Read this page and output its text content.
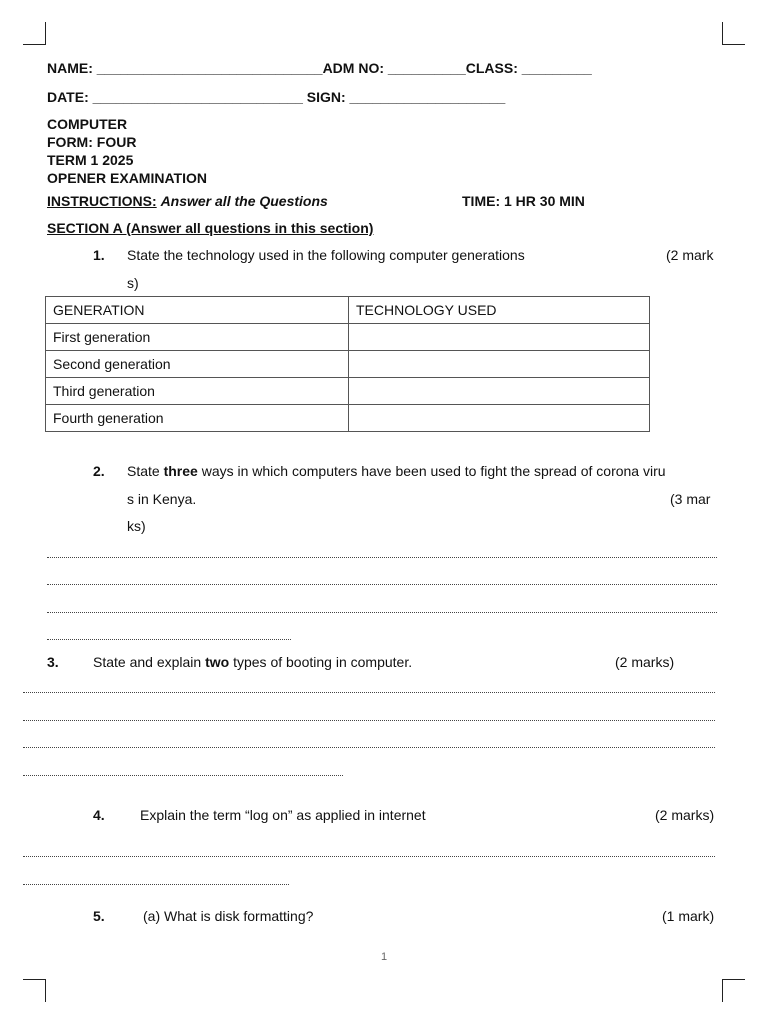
NAME: _____________________________ADM NO: __________CLASS: _________
DATE: ___________________________ SIGN: ____________________
COMPUTER
FORM: FOUR
TERM 1 2025
OPENER EXAMINATION
INSTRUCTIONS: Answer all the Questions	TIME: 1 HR 30 MIN
SECTION A (Answer all questions in this section)
1. State the technology used in the following computer generations	(2 mark
s)
GENERATION	TECHNOLOGY USED
First generation	
Second generation	
Third generation	
Fourth generation	
2. State three ways in which computers have been used to fight the spread of corona viru
s in Kenya.	(3 mar
ks)
3. State and explain two types of booting in computer.	(2 marks)
4.	Explain the term “log on” as applied in internet	(2 marks)
5.	(a) What is disk formatting?	(1 mark)
1
